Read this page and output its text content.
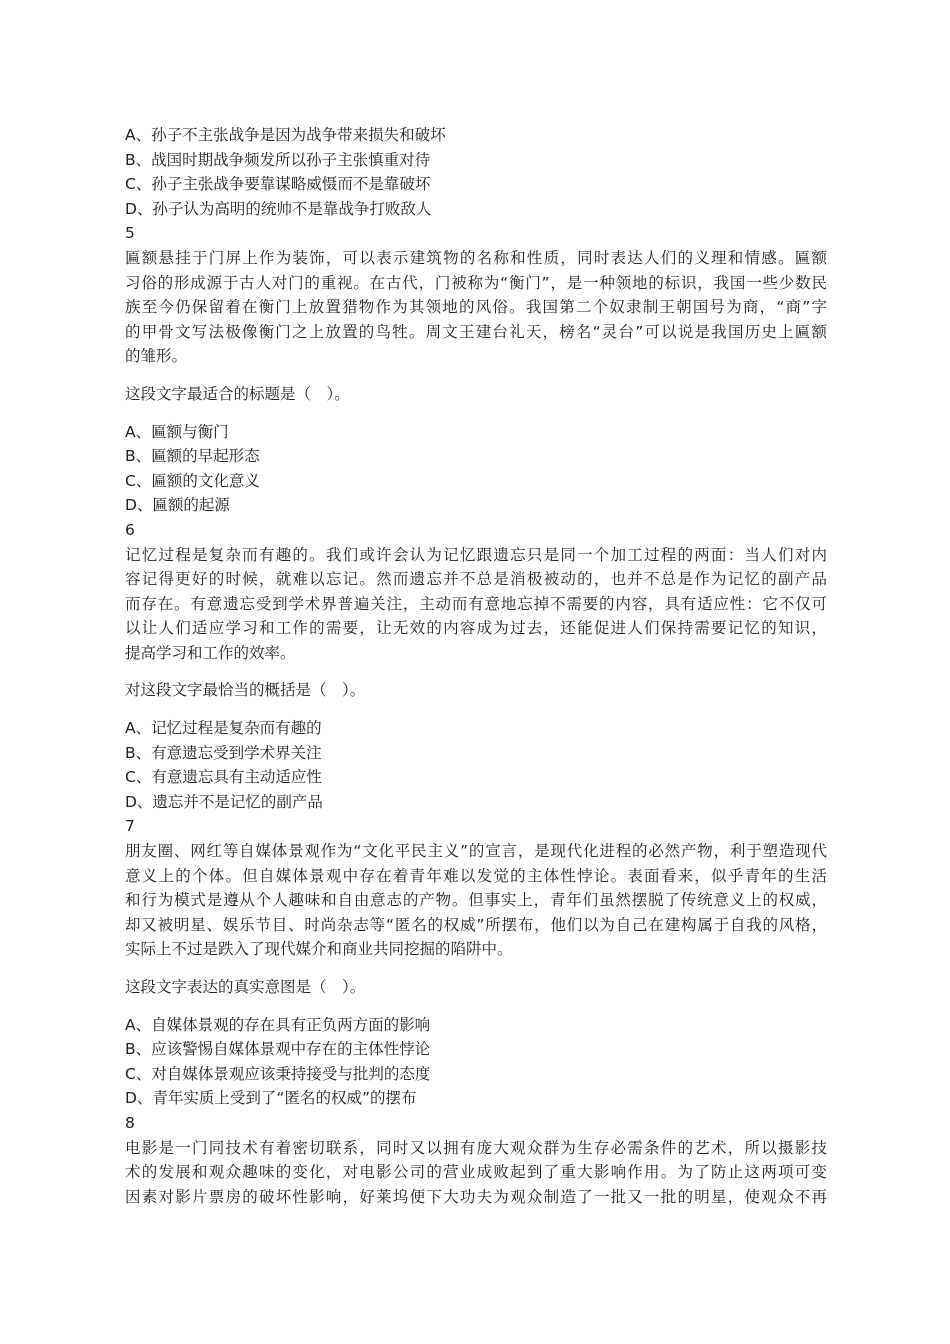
A、孙子不主张战争是因为战争带来损失和破坏
B、战国时期战争频发所以孙子主张慎重对待
C、孙子主张战争要靠谋略威慑而不是靠破坏
D、孙子认为高明的统帅不是靠战争打败敌人
5
匾额悬挂于门屏上作为装饰，可以表示建筑物的名称和性质，同时表达人们的义理和情感。匾额
习俗的形成源于古人对门的重视。在古代，门被称为“衡门”，是一种领地的标识，我国一些少数民
族至今仍保留着在衡门上放置猎物作为其领地的风俗。我国第二个奴隶制王朝国号为商，“商”字
的甲骨文写法极像衡门之上放置的鸟牲。周文王建台礼天，榜名“灵台”可以说是我国历史上匾额
的雏形。
这段文字最适合的标题是（　）。
A、匾额与衡门
B、匾额的早起形态
C、匾额的文化意义
D、匾额的起源
6
记忆过程是复杂而有趣的。我们或许会认为记忆跟遗忘只是同一个加工过程的两面：当人们对内
容记得更好的时候，就难以忘记。然而遗忘并不总是消极被动的，也并不总是作为记忆的副产品
而存在。有意遗忘受到学术界普遍关注，主动而有意地忘掉不需要的内容，具有适应性：它不仅可
以让人们适应学习和工作的需要，让无效的内容成为过去，还能促进人们保持需要记忆的知识，
提高学习和工作的效率。
对这段文字最恰当的概括是（　）。
A、记忆过程是复杂而有趣的
B、有意遗忘受到学术界关注
C、有意遗忘具有主动适应性
D、遗忘并不是记忆的副产品
7
朋友圈、网红等自媒体景观作为“文化平民主义”的宣言，是现代化进程的必然产物，利于塑造现代
意义上的个体。但自媒体景观中存在着青年难以发觉的主体性悖论。表面看来，似乎青年的生活
和行为模式是遵从个人趣味和自由意志的产物。但事实上，青年们虽然摆脱了传统意义上的权威，
却又被明星、娱乐节目、时尚杂志等“匿名的权威”所摆布，他们以为自己在建构属于自我的风格，
实际上不过是跌入了现代媒介和商业共同挖掘的陷阱中。
这段文字表达的真实意图是（　）。
A、自媒体景观的存在具有正负两方面的影响
B、应该警惕自媒体景观中存在的主体性悖论
C、对自媒体景观应该秉持接受与批判的态度
D、青年实质上受到了“匿名的权威”的摆布
8
电影是一门同技术有着密切联系，同时又以拥有庞大观众群为生存必需条件的艺术，所以摄影技
术的发展和观众趣味的变化，对电影公司的营业成败起到了重大影响作用。为了防止这两项可变
因素对影片票房的破坏性影响，好莱坞便下大功夫为观众制造了一批又一批的明星，使观众不再
